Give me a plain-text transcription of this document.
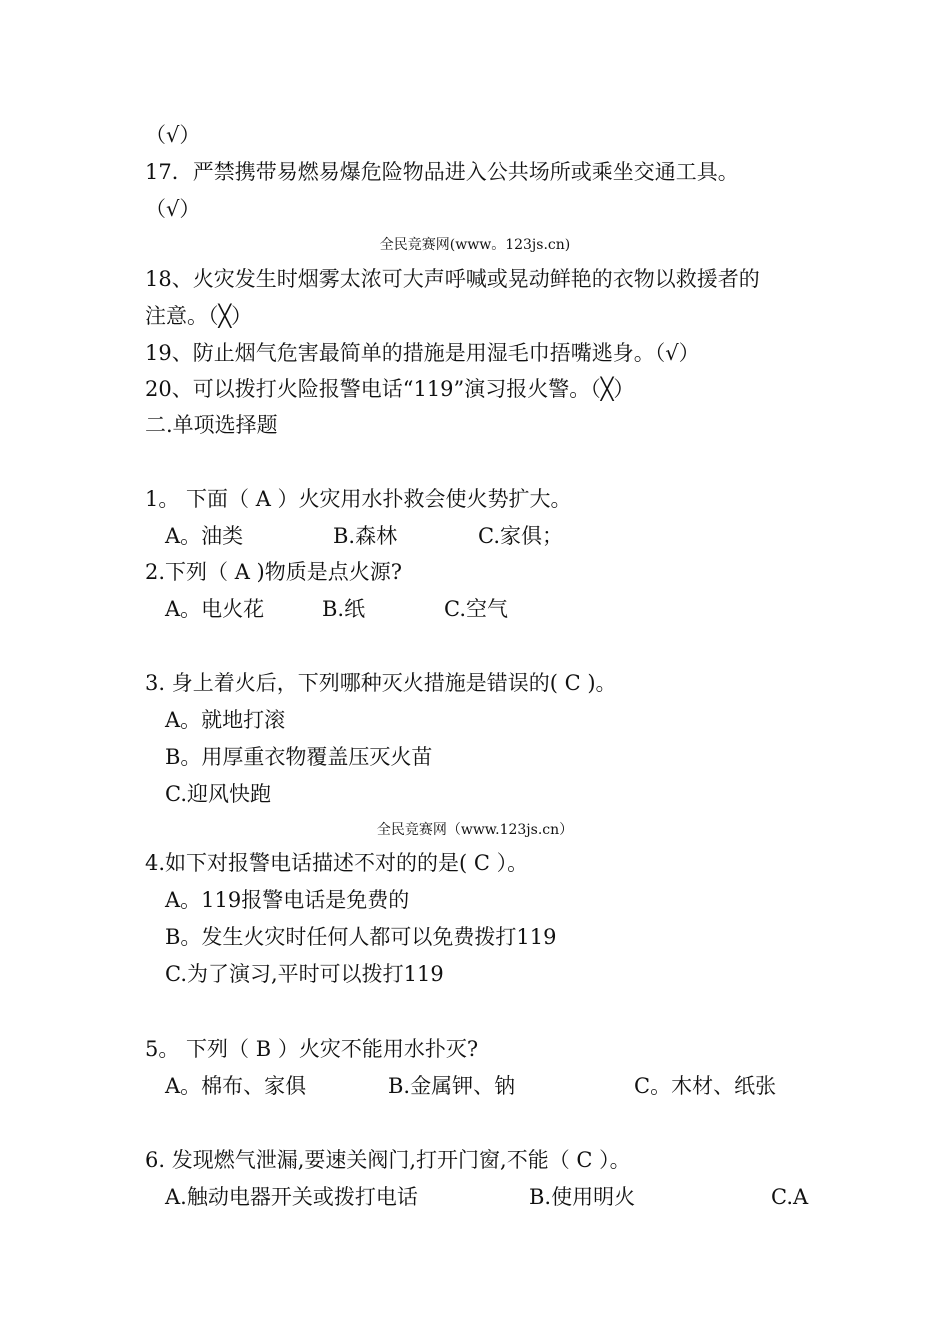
（√）
17．严禁携带易燃易爆危险物品进入公共场所或乘坐交通工具。
（√）
全民竞赛网(www。123js.cn)
18、火灾发生时烟雾太浓可大声呼喊或晃动鲜艳的衣物以救援者的
注意。（╳）
19、防止烟气危害最简单的措施是用湿毛巾捂嘴逃身。（√）
20、可以拨打火险报警电话“119”演习报火警。（╳）
二.单项选择题
1。 下面（ A ）火灾用水扑救会使火势扩大。
A。油类	B.森林	C.家俱；
2.下列（ A )物质是点火源?
A。电火花	B.纸	C.空气
3. 身上着火后，下列哪种灭火措施是错误的( C )。
A。就地打滚
B。用厚重衣物覆盖压灭火苗
C.迎风快跑
全民竞赛网（www.123js.cn）
4.如下对报警电话描述不对的的是( C ）。
A。119报警电话是免费的
B。发生火灾时任何人都可以免费拨打119
C.为了演习,平时可以拨打119
5。 下列（ B ）火灾不能用水扑灭?
A。棉布、家俱	B.金属钾、钠	C。木材、纸张
6. 发现燃气泄漏,要速关阀门,打开门窗,不能（ C ）。
A.触动电器开关或拨打电话	B.使用明火	C.A
